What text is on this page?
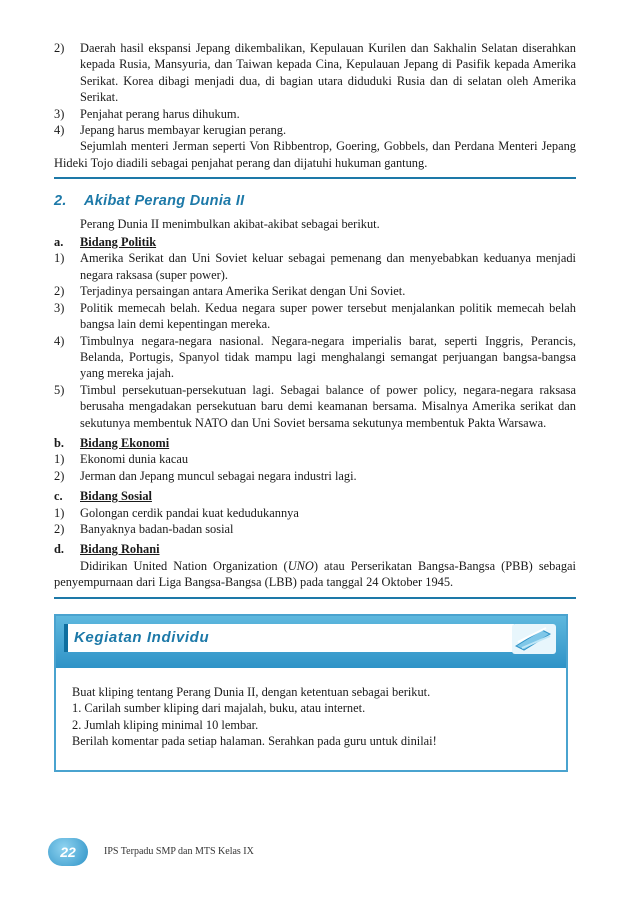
2) Daerah hasil ekspansi Jepang dikembalikan, Kepulauan Kurilen dan Sakhalin Selatan diserahkan kepada Rusia, Mansyuria, dan Taiwan kepada Cina, Kepulauan Jepang di Pasifik kepada Amerika Serikat. Korea dibagi menjadi dua, di bagian utara diduduki Rusia dan di selatan oleh Amerika Serikat.

3) Penjahat perang harus dihukum.

4) Jepang harus membayar kerugian perang.

Sejumlah menteri Jerman seperti Von Ribbentrop, Goering, Gobbels, dan Perdana Menteri Jepang Hideki Tojo diadili sebagai penjahat perang dan dijatuhi hukuman gantung.

2. Akibat Perang Dunia II

Perang Dunia II menimbulkan akibat-akibat sebagai berikut.

a. Bidang Politik

1) Amerika Serikat dan Uni Soviet keluar sebagai pemenang dan menyebabkan keduanya menjadi negara raksasa (super power).

2) Terjadinya persaingan antara Amerika Serikat dengan Uni Soviet.

3) Politik memecah belah. Kedua negara super power tersebut menjalankan politik memecah belah bangsa lain demi kepentingan mereka.

4) Timbulnya negara-negara nasional. Negara-negara imperialis barat, seperti Inggris, Perancis, Belanda, Portugis, Spanyol tidak mampu lagi menghalangi semangat perjuangan bangsa-bangsa yang mereka jajah.

5) Timbul persekutuan-persekutuan lagi. Sebagai balance of power policy, negara-negara raksasa berusaha mengadakan persekutuan baru demi keamanan bersama. Misalnya Amerika serikat dan sekutunya membentuk NATO dan Uni Soviet bersama sekutunya membentuk Pakta Warsawa.

b. Bidang Ekonomi

1) Ekonomi dunia kacau

2) Jerman dan Jepang muncul sebagai negara industri lagi.

c. Bidang Sosial

1) Golongan cerdik pandai kuat kedudukannya

2) Banyaknya badan-badan sosial

d. Bidang Rohani

Didirikan United Nation Organization (UNO) atau Perserikatan Bangsa-Bangsa (PBB) sebagai penyempurnaan dari Liga Bangsa-Bangsa (LBB) pada tanggal 24 Oktober 1945.

Kegiatan Individu
Buat kliping tentang Perang Dunia II, dengan ketentuan sebagai berikut.
1. Carilah sumber kliping dari majalah, buku, atau internet.
2. Jumlah kliping minimal 10 lembar.
Berilah komentar pada setiap halaman. Serahkan pada guru untuk dinilai!
22	IPS Terpadu SMP dan MTS Kelas IX
